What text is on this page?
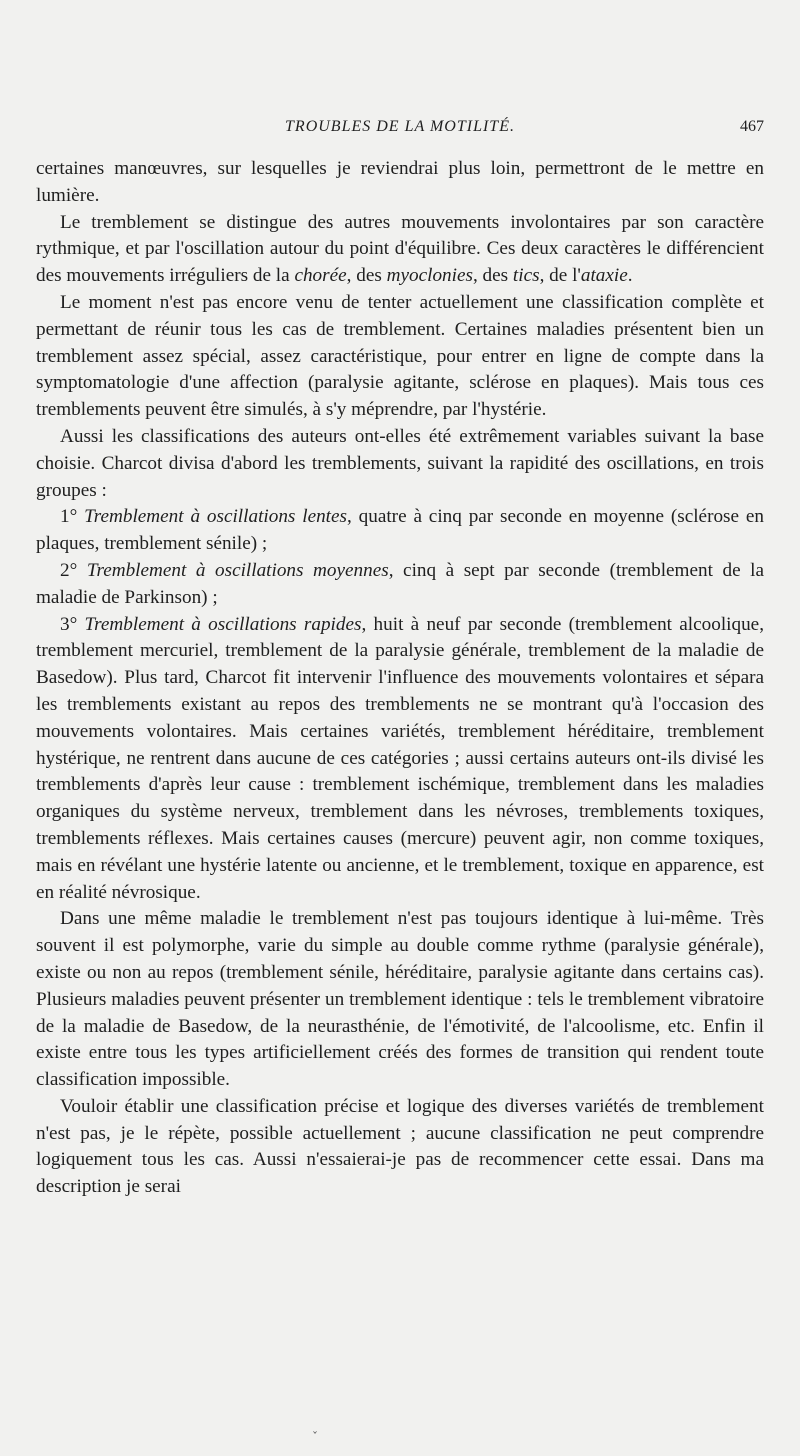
TROUBLES DE LA MOTILITÉ.	467

certaines manœuvres, sur lesquelles je reviendrai plus loin, permettront de le mettre en lumière.

Le tremblement se distingue des autres mouvements involontaires par son caractère rythmique, et par l'oscillation autour du point d'équilibre. Ces deux caractères le différencient des mouvements irréguliers de la chorée, des myoclonies, des tics, de l'ataxie.

Le moment n'est pas encore venu de tenter actuellement une classification complète et permettant de réunir tous les cas de tremblement. Certaines maladies présentent bien un tremblement assez spécial, assez caractéristique, pour entrer en ligne de compte dans la symptomatologie d'une affection (paralysie agitante, sclérose en plaques). Mais tous ces tremblements peuvent être simulés, à s'y méprendre, par l'hystérie.

Aussi les classifications des auteurs ont-elles été extrêmement variables suivant la base choisie. Charcot divisa d'abord les tremblements, suivant la rapidité des oscillations, en trois groupes :

1° Tremblement à oscillations lentes, quatre à cinq par seconde en moyenne (sclérose en plaques, tremblement sénile) ;

2° Tremblement à oscillations moyennes, cinq à sept par seconde (tremblement de la maladie de Parkinson) ;

3° Tremblement à oscillations rapides, huit à neuf par seconde (tremblement alcoolique, tremblement mercuriel, tremblement de la paralysie générale, tremblement de la maladie de Basedow). Plus tard, Charcot fit intervenir l'influence des mouvements volontaires et sépara les tremblements existant au repos des tremblements ne se montrant qu'à l'occasion des mouvements volontaires. Mais certaines variétés, tremblement héréditaire, tremblement hystérique, ne rentrent dans aucune de ces catégories ; aussi certains auteurs ont-ils divisé les tremblements d'après leur cause : tremblement ischémique, tremblement dans les maladies organiques du système nerveux, tremblement dans les névroses, tremblements toxiques, tremblements réflexes. Mais certaines causes (mercure) peuvent agir, non comme toxiques, mais en révélant une hystérie latente ou ancienne, et le tremblement, toxique en apparence, est en réalité névrosique.

Dans une même maladie le tremblement n'est pas toujours identique à lui-même. Très souvent il est polymorphe, varie du simple au double comme rythme (paralysie générale), existe ou non au repos (tremblement sénile, héréditaire, paralysie agitante dans certains cas). Plusieurs maladies peuvent présenter un tremblement identique : tels le tremblement vibratoire de la maladie de Basedow, de la neurasthénie, de l'émotivité, de l'alcoolisme, etc. Enfin il existe entre tous les types artificiellement créés des formes de transition qui rendent toute classification impossible.

Vouloir établir une classification précise et logique des diverses variétés de tremblement n'est pas, je le répète, possible actuellement ; aucune classification ne peut comprendre logiquement tous les cas. Aussi n'essaierai-je pas de recommencer cette essai. Dans ma description je serai

ˇ
